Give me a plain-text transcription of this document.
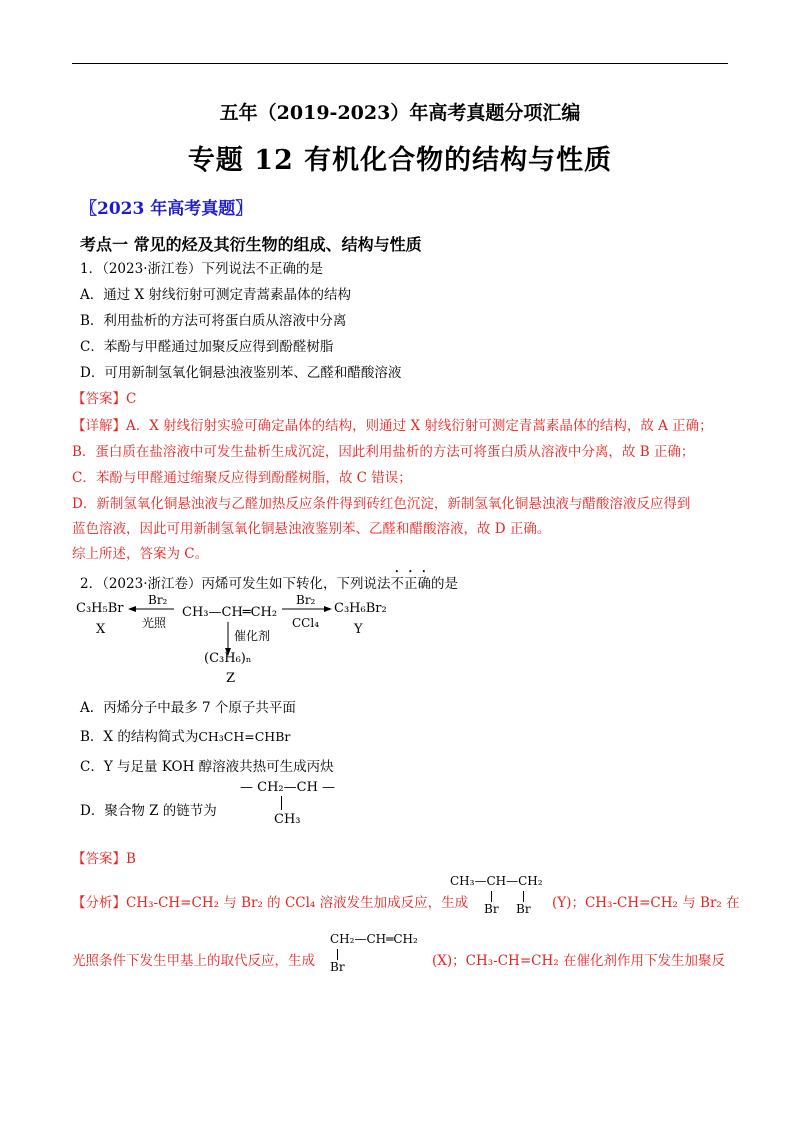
五年（2019-2023）年高考真题分项汇编
专题 12 有机化合物的结构与性质
〖2023 年高考真题〗
考点一 常见的烃及其衍生物的组成、结构与性质
1．（2023·浙江卷）下列说法不正确的是
A．通过 X 射线衍射可测定青蒿素晶体的结构
B．利用盐析的方法可将蛋白质从溶液中分离
C．苯酚与甲醛通过加聚反应得到酚醛树脂
D．可用新制氢氧化铜悬浊液鉴别苯、乙醛和醋酸溶液
【答案】C
【详解】A．X 射线衍射实验可确定晶体的结构，则通过 X 射线衍射可测定青蒿素晶体的结构，故 A 正确；
B．蛋白质在盐溶液中可发生盐析生成沉淀，因此利用盐析的方法可将蛋白质从溶液中分离，故 B 正确；
C．苯酚与甲醛通过缩聚反应得到酚醛树脂，故 C 错误；
D．新制氢氧化铜悬浊液与乙醛加热反应条件得到砖红色沉淀，新制氢氧化铜悬浊液与醋酸溶液反应得到
蓝色溶液，因此可用新制氢氧化铜悬浊液鉴别苯、乙醛和醋酸溶液，故 D 正确。
综上所述，答案为 C。
2．（2023·浙江卷）丙烯可发生如下转化，下列说法不正确的是
C₃H₅Br
X
Br₂
光照
CH₃—CH═CH₂
Br₂
CCl₄
C₃H₆Br₂
Y
催化剂
(C₃H₆)ₙ
Z
A．丙烯分子中最多 7 个原子共平面
B．X 的结构简式为CH₃CH=CHBr
C．Y 与足量 KOH 醇溶液共热可生成丙炔
D．聚合物 Z 的链节为
— CH₂—CH —
CH₃
【答案】B
【分析】CH₃-CH=CH₂ 与 Br₂ 的 CCl₄ 溶液发生加成反应，生成
CH₃—CH—CH₂
Br Br (Y)；CH₃-CH=CH₂ 与 Br₂ 在
光照条件下发生甲基上的取代反应，生成
CH₂—CH═CH₂
Br	(X)；CH₃-CH=CH₂ 在催化剂作用下发生加聚反
